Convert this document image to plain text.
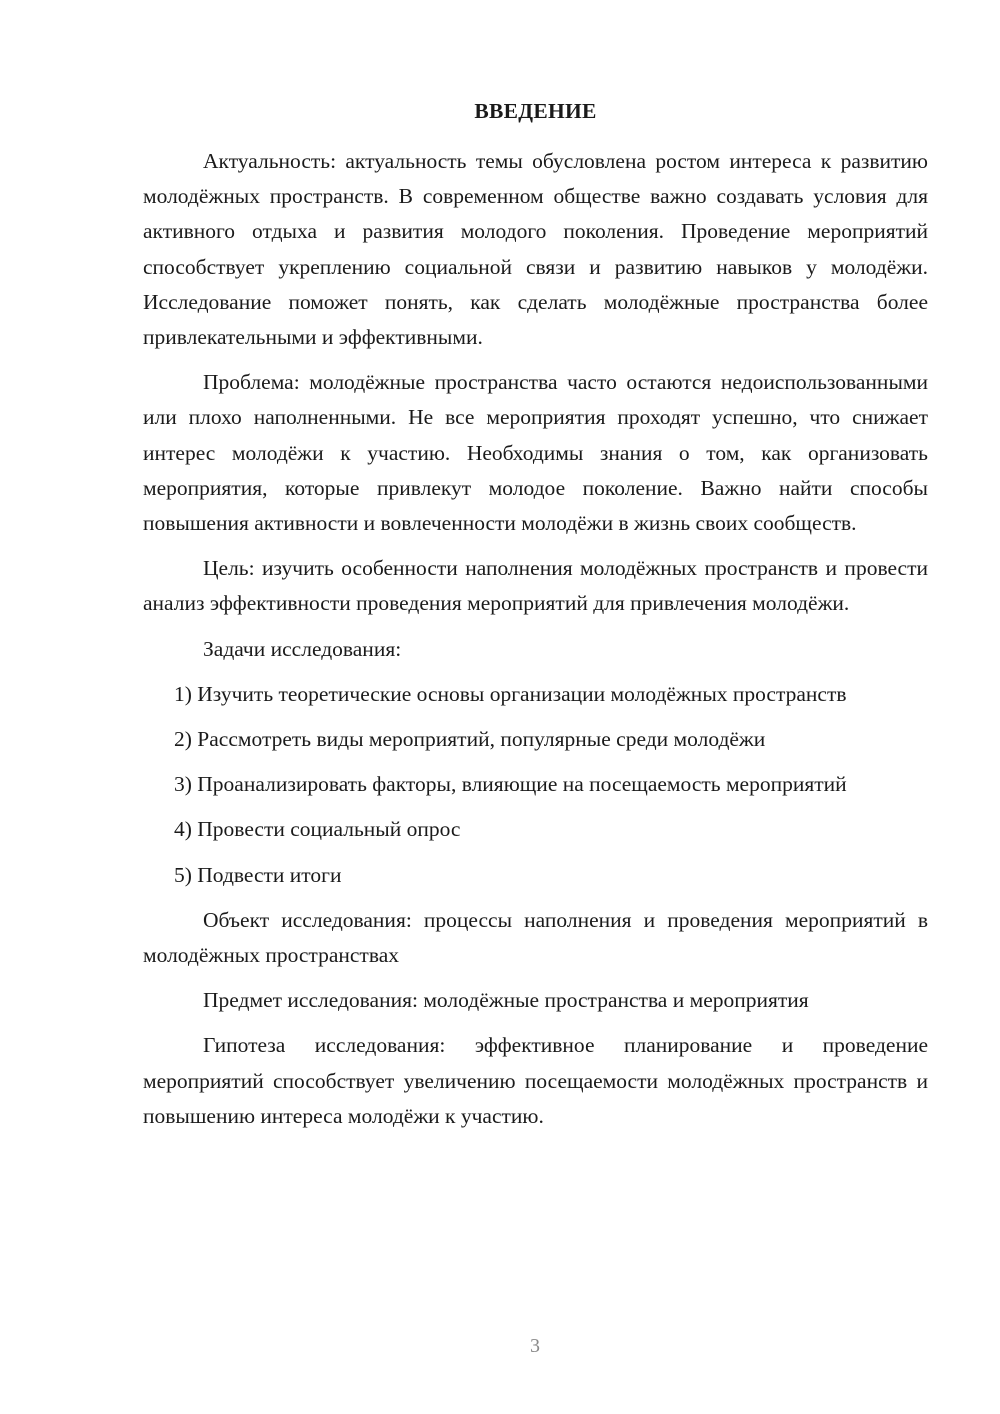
ВВЕДЕНИЕ

Актуальность: актуальность темы обусловлена ростом интереса к развитию молодёжных пространств. В современном обществе важно создавать условия для активного отдыха и развития молодого поколения. Проведение мероприятий способствует укреплению социальной связи и развитию навыков у молодёжи. Исследование поможет понять, как сделать молодёжные пространства более привлекательными и эффективными.

Проблема: молодёжные пространства часто остаются недоиспользованными или плохо наполненными. Не все мероприятия проходят успешно, что снижает интерес молодёжи к участию. Необходимы знания о том, как организовать мероприятия, которые привлекут молодое поколение. Важно найти способы повышения активности и вовлеченности молодёжи в жизнь своих сообществ.

Цель: изучить особенности наполнения молодёжных пространств и провести анализ эффективности проведения мероприятий для привлечения молодёжи.

Задачи исследования:

1) Изучить теоретические основы организации молодёжных пространств

2) Рассмотреть виды мероприятий, популярные среди молодёжи

3) Проанализировать факторы, влияющие на посещаемость мероприятий

4) Провести социальный опрос

5) Подвести итоги

Объект исследования: процессы наполнения и проведения мероприятий в молодёжных пространствах

Предмет исследования: молодёжные пространства и мероприятия

Гипотеза исследования: эффективное планирование и проведение мероприятий способствует увеличению посещаемости молодёжных пространств и повышению интереса молодёжи к участию.

3
